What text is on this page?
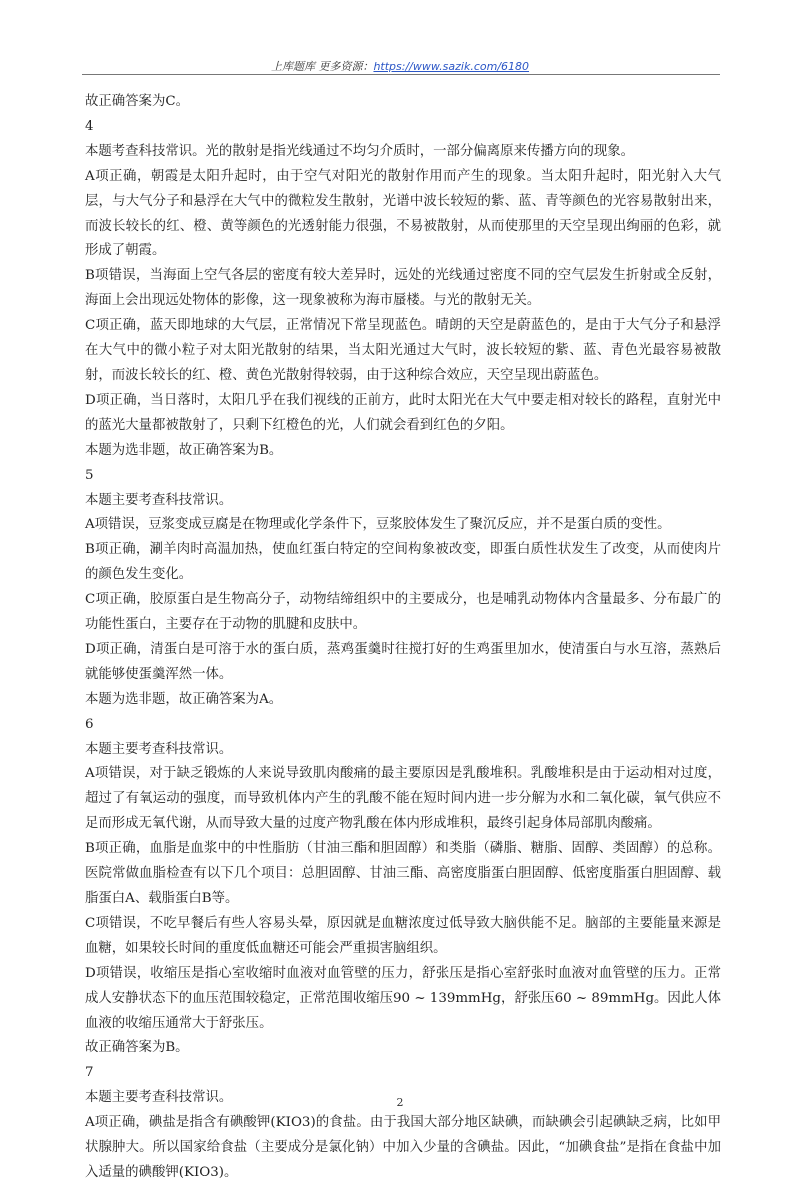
上库题库 更多资源：https://www.sazik.com/6180

故正确答案为C。

4

本题考查科技常识。光的散射是指光线通过不均匀介质时，一部分偏离原来传播方向的现象。

A项正确，朝霞是太阳升起时，由于空气对阳光的散射作用而产生的现象。当太阳升起时，阳光射入大气层，与大气分子和悬浮在大气中的微粒发生散射，光谱中波长较短的紫、蓝、青等颜色的光容易散射出来，而波长较长的红、橙、黄等颜色的光透射能力很强，不易被散射，从而使那里的天空呈现出绚丽的色彩，就形成了朝霞。

B项错误，当海面上空气各层的密度有较大差异时，远处的光线通过密度不同的空气层发生折射或全反射，海面上会出现远处物体的影像，这一现象被称为海市蜃楼。与光的散射无关。

C项正确，蓝天即地球的大气层，正常情况下常呈现蓝色。晴朗的天空是蔚蓝色的，是由于大气分子和悬浮在大气中的微小粒子对太阳光散射的结果，当太阳光通过大气时，波长较短的紫、蓝、青色光最容易被散射，而波长较长的红、橙、黄色光散射得较弱，由于这种综合效应，天空呈现出蔚蓝色。

D项正确，当日落时，太阳几乎在我们视线的正前方，此时太阳光在大气中要走相对较长的路程，直射光中的蓝光大量都被散射了，只剩下红橙色的光，人们就会看到红色的夕阳。

本题为选非题，故正确答案为B。

5

本题主要考查科技常识。

A项错误，豆浆变成豆腐是在物理或化学条件下，豆浆胶体发生了聚沉反应，并不是蛋白质的变性。

B项正确，涮羊肉时高温加热，使血红蛋白特定的空间构象被改变，即蛋白质性状发生了改变，从而使肉片的颜色发生变化。

C项正确，胶原蛋白是生物高分子，动物结缔组织中的主要成分，也是哺乳动物体内含量最多、分布最广的功能性蛋白，主要存在于动物的肌腱和皮肤中。

D项正确，清蛋白是可溶于水的蛋白质，蒸鸡蛋羹时往搅打好的生鸡蛋里加水，使清蛋白与水互溶，蒸熟后就能够使蛋羹浑然一体。

本题为选非题，故正确答案为A。

6

本题主要考查科技常识。

A项错误，对于缺乏锻炼的人来说导致肌肉酸痛的最主要原因是乳酸堆积。乳酸堆积是由于运动相对过度，超过了有氧运动的强度，而导致机体内产生的乳酸不能在短时间内进一步分解为水和二氧化碳，氧气供应不足而形成无氧代谢，从而导致大量的过度产物乳酸在体内形成堆积，最终引起身体局部肌肉酸痛。

B项正确，血脂是血浆中的中性脂肪（甘油三酯和胆固醇）和类脂（磷脂、糖脂、固醇、类固醇）的总称。医院常做血脂检查有以下几个项目：总胆固醇、甘油三酯、高密度脂蛋白胆固醇、低密度脂蛋白胆固醇、载脂蛋白A、载脂蛋白B等。

C项错误，不吃早餐后有些人容易头晕，原因就是血糖浓度过低导致大脑供能不足。脑部的主要能量来源是血糖，如果较长时间的重度低血糖还可能会严重损害脑组织。

D项错误，收缩压是指心室收缩时血液对血管壁的压力，舒张压是指心室舒张时血液对血管壁的压力。正常成人安静状态下的血压范围较稳定，正常范围收缩压90 ~ 139mmHg，舒张压60 ~ 89mmHg。因此人体血液的收缩压通常大于舒张压。

故正确答案为B。

7

本题主要考查科技常识。

A项正确，碘盐是指含有碘酸钾(KIO3)的食盐。由于我国大部分地区缺碘，而缺碘会引起碘缺乏病，比如甲状腺肿大。所以国家给食盐（主要成分是氯化钠）中加入少量的含碘盐。因此，“加碘食盐”是指在食盐中加入适量的碘酸钾(KIO3)。

2
